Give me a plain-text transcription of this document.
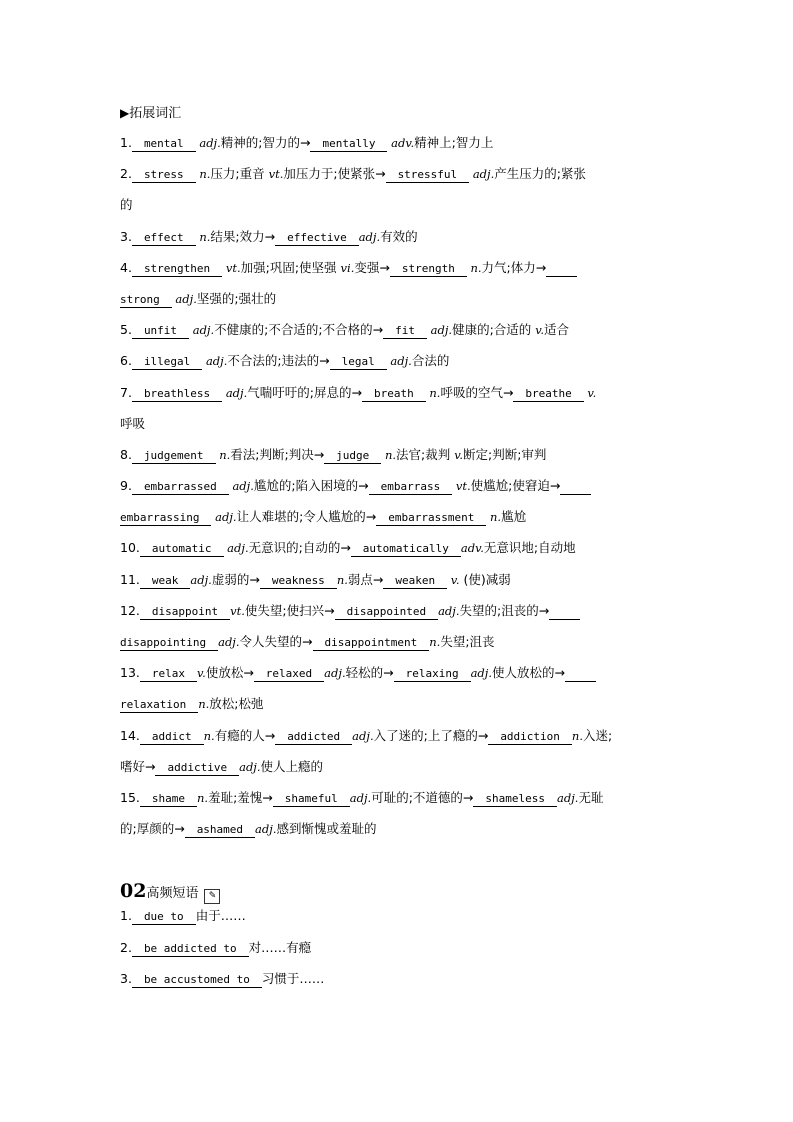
▶拓展词汇
1. mental adj.精神的;智力的→ mentally adv.精神上;智力上
2. stress n.压力;重音 vt.加压力于;使紧张→ stressful adj.产生压力的;紧张
的
3. effect n.结果;效力→ effective adj.有效的
4. strengthen vt.加强;巩固;使坚强 vi.变强→ strength n.力气;体力→
strong adj.坚强的;强壮的
5. unfit adj.不健康的;不合适的;不合格的→ fit adj.健康的;合适的 v.适合
6. illegal adj.不合法的;违法的→ legal adj.合法的
7. breathless adj.气喘吁吁的;屏息的→ breath n.呼吸的空气→ breathe v.
呼吸
8. judgement n.看法;判断;判决→ judge n.法官;裁判 v.断定;判断;审判
9. embarrassed adj.尴尬的;陷入困境的→ embarrass vt.使尴尬;使窘迫→
embarrassing adj.让人难堪的;令人尴尬的→ embarrassment n.尴尬
10. automatic adj.无意识的;自动的→ automatically adv.无意识地;自动地
11. weak adj.虚弱的→ weakness n.弱点→ weaken v. (使)减弱
12. disappoint vt.使失望;使扫兴→ disappointed adj.失望的;沮丧的→
disappointing adj.令人失望的→ disappointment n.失望;沮丧
13. relax v.使放松→ relaxed adj.轻松的→ relaxing adj.使人放松的→
relaxation n.放松;松弛
14. addict n.有瘾的人→ addicted adj.入了迷的;上了瘾的→ addiction n.入迷;
嗜好→ addictive adj.使人上瘾的
15. shame n.羞耻;羞愧→ shameful adj.可耻的;不道德的→ shameless adj.无耻
的;厚颜的→ ashamed adj.感到惭愧或羞耻的
02高频短语 ✎
1. due to 由于……
2. be addicted to 对……有瘾
3. be accustomed to 习惯于……
